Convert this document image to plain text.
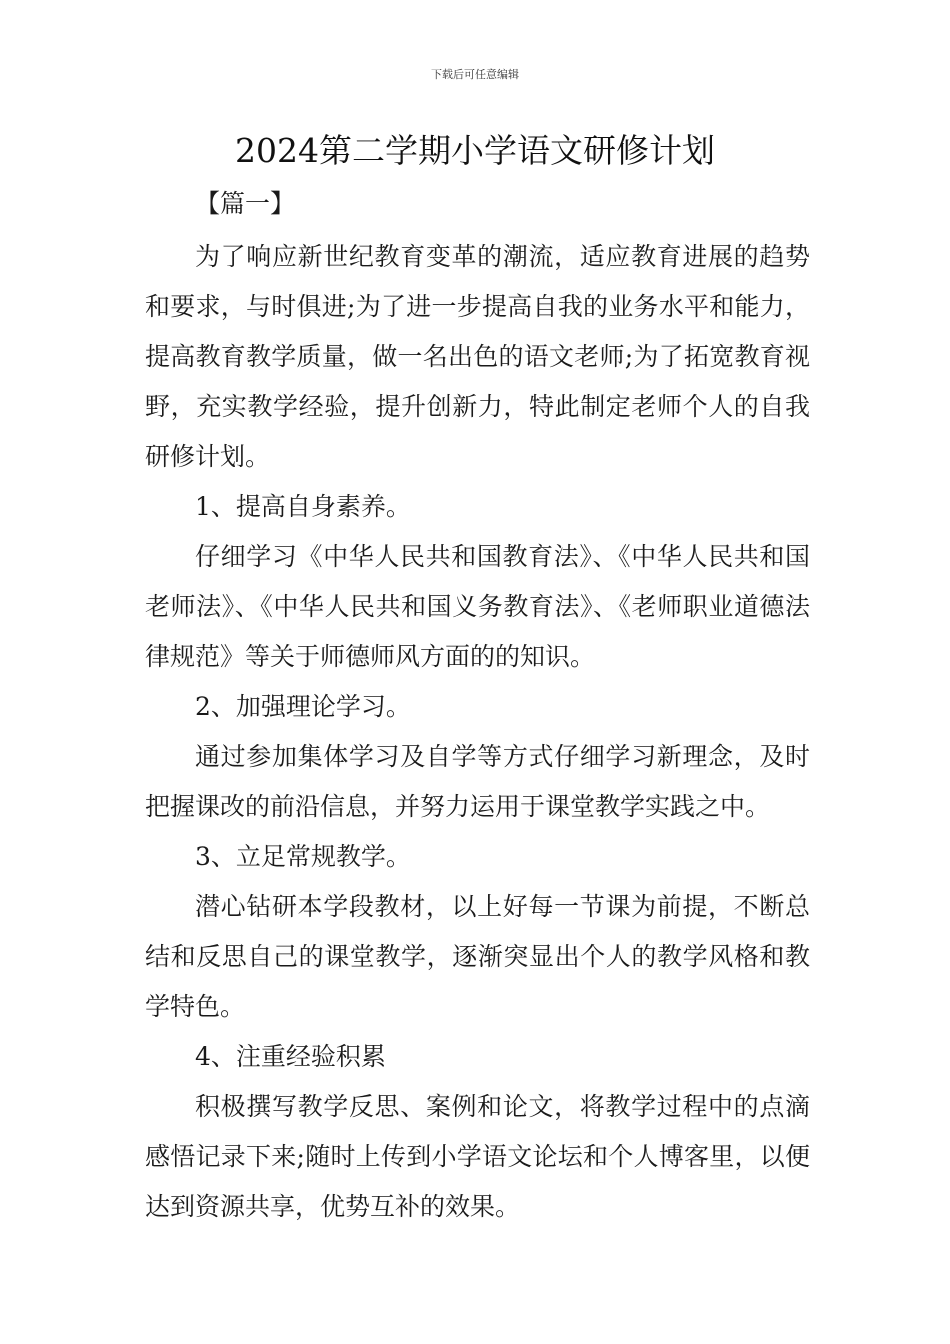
下载后可任意编辑
2024第二学期小学语文研修计划

【篇一】

为了响应新世纪教育变革的潮流，适应教育进展的趋势和要求，与时俱进;为了进一步提高自我的业务水平和能力，提高教育教学质量，做一名出色的语文老师;为了拓宽教育视野，充实教学经验，提升创新力，特此制定老师个人的自我研修计划。

1、提高自身素养。

仔细学习《中华人民共和国教育法》、《中华人民共和国老师法》、《中华人民共和国义务教育法》、《老师职业道德法律规范》等关于师德师风方面的的知识。

2、加强理论学习。

通过参加集体学习及自学等方式仔细学习新理念，及时把握课改的前沿信息，并努力运用于课堂教学实践之中。

3、立足常规教学。

潜心钻研本学段教材，以上好每一节课为前提，不断总结和反思自己的课堂教学，逐渐突显出个人的教学风格和教学特色。

4、注重经验积累

积极撰写教学反思、案例和论文，将教学过程中的点滴感悟记录下来;随时上传到小学语文论坛和个人博客里，以便达到资源共享，优势互补的效果。
